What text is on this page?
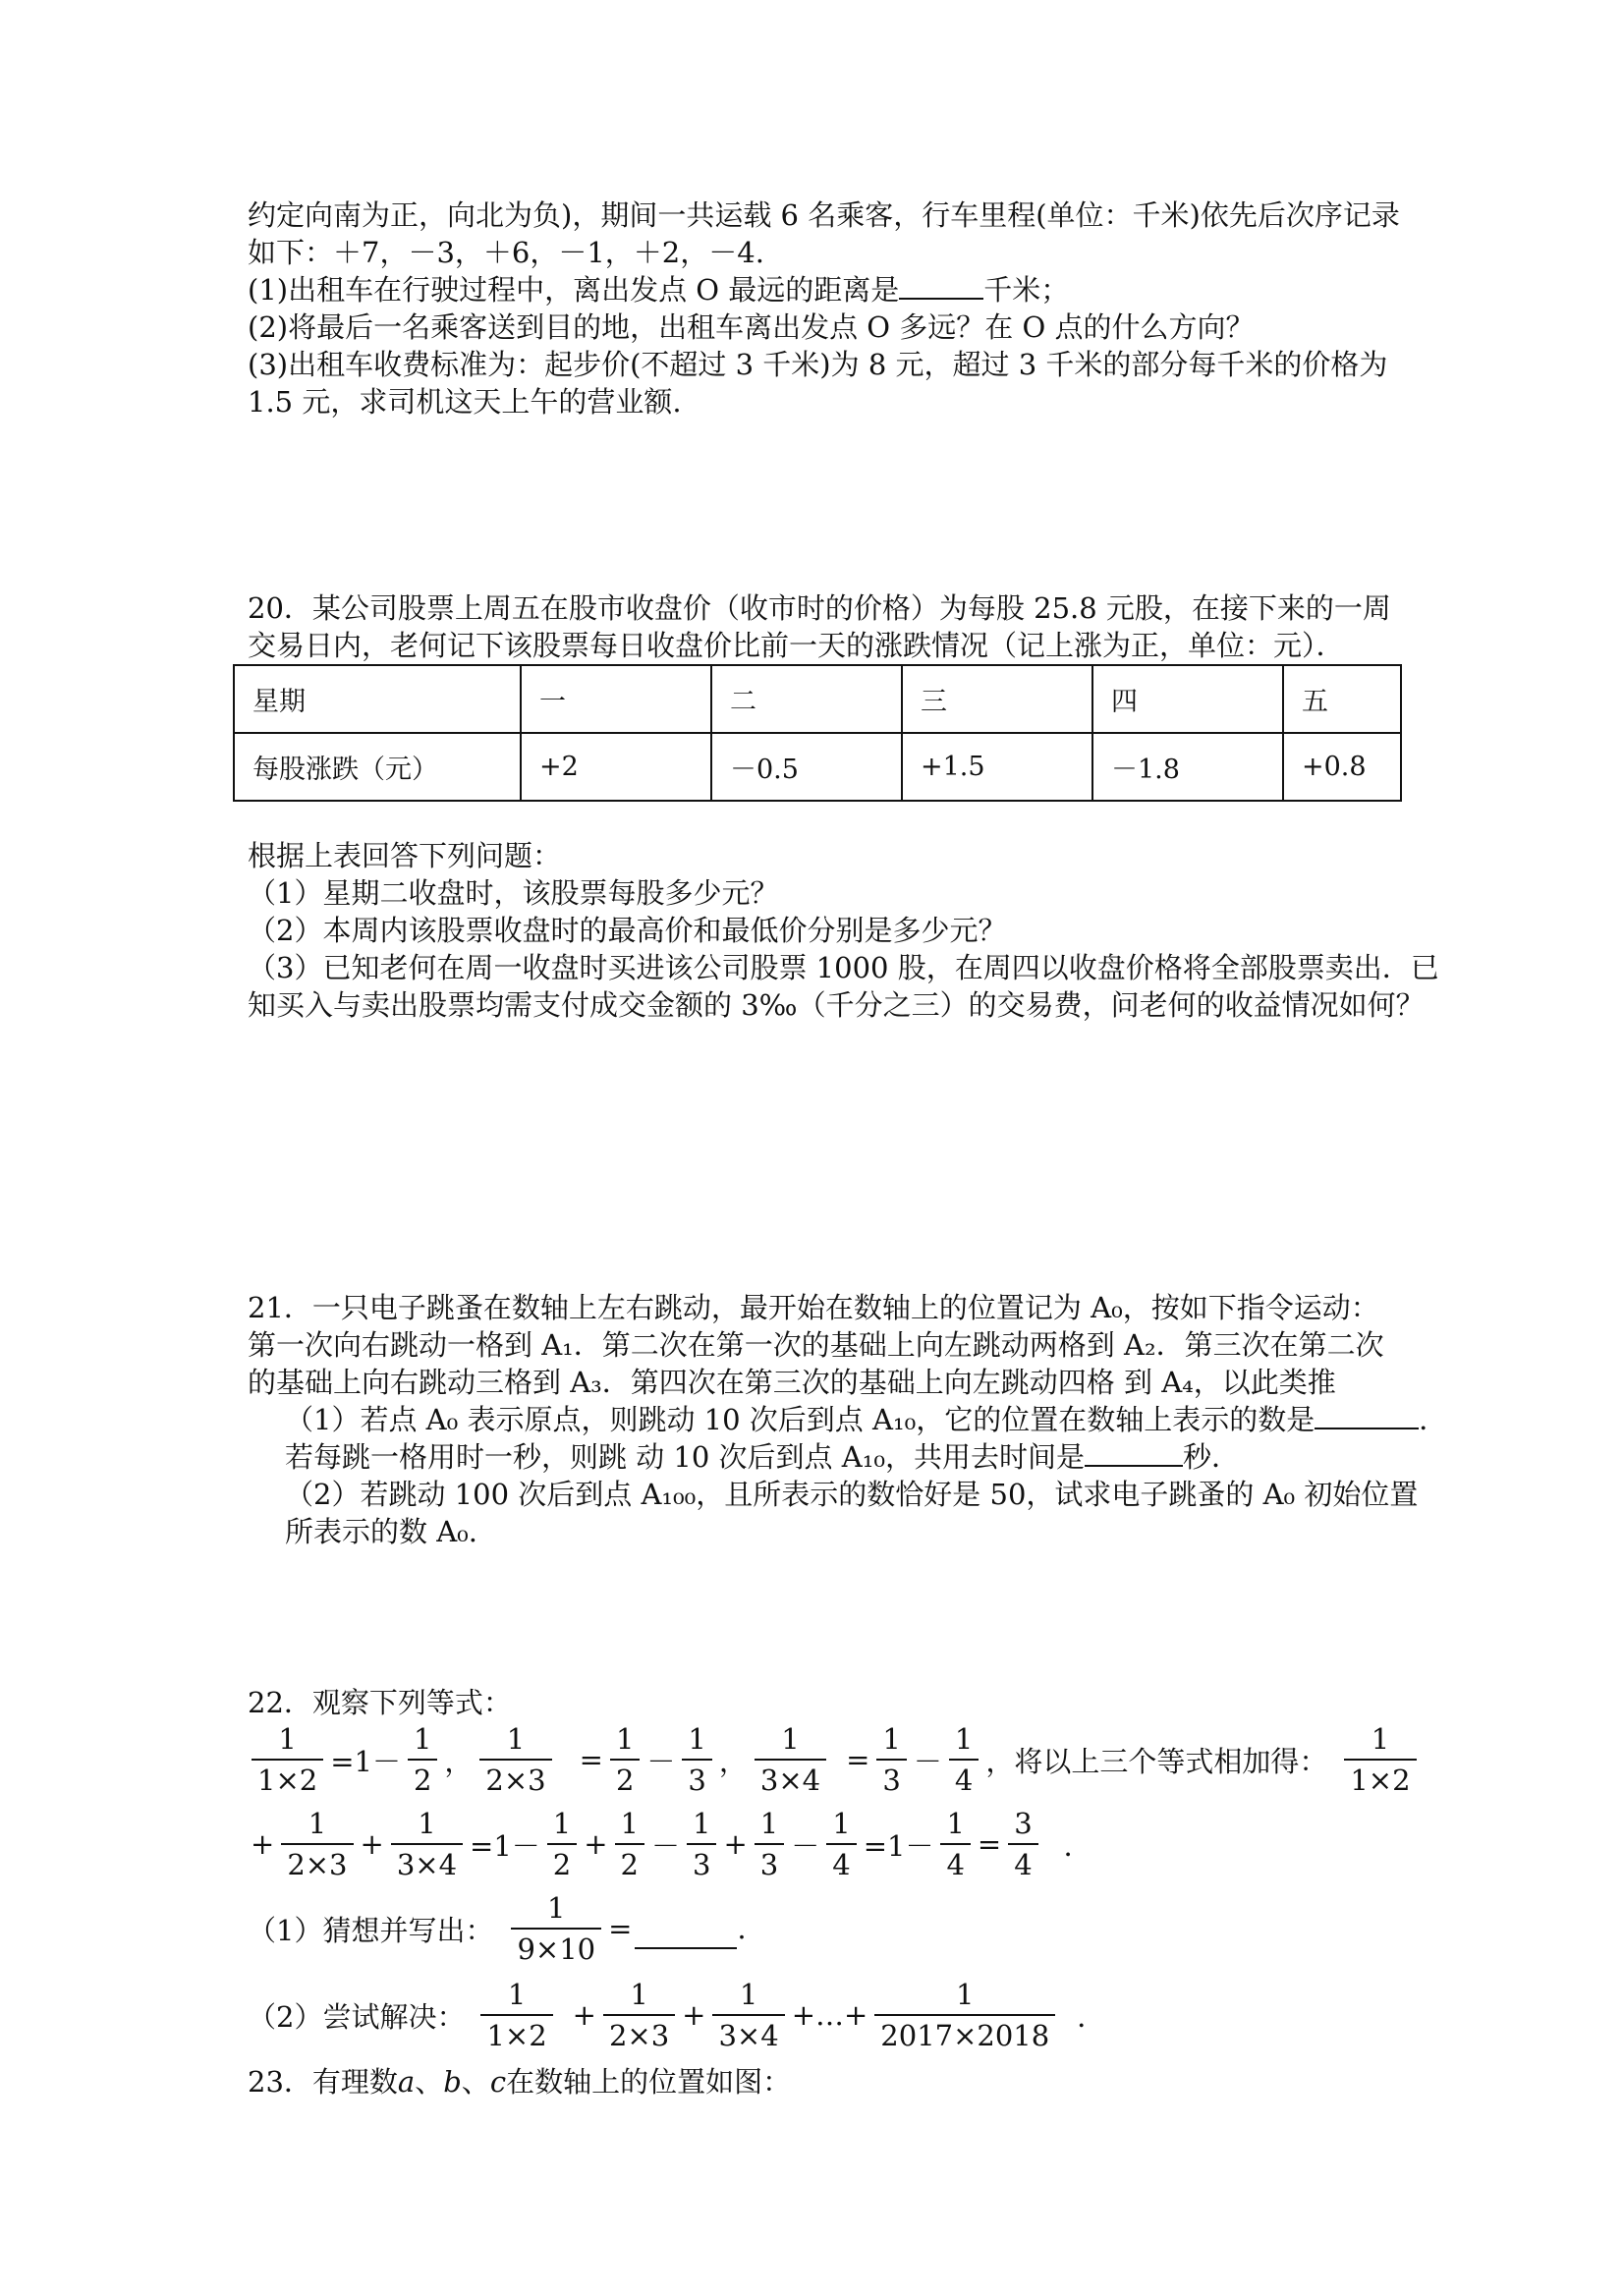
约定向南为正，向北为负)，期间一共运载 6 名乘客，行车里程(单位：千米)依先后次序记录
如下：＋7，－3，＋6，－1，＋2，－4.
(1)出租车在行驶过程中，离出发点 O 最远的距离是	千米；
(2)将最后一名乘客送到目的地，出租车离出发点 O 多远？在 O 点的什么方向？
(3)出租车收费标准为：起步价(不超过 3 千米)为 8 元，超过 3 千米的部分每千米的价格为
1.5 元，求司机这天上午的营业额.
20．某公司股票上周五在股市收盘价（收市时的价格）为每股 25.8 元股，在接下来的一周
交易日内，老何记下该股票每日收盘价比前一天的涨跌情况（记上涨为正，单位：元）．
星期	一	二	三	四	五
每股涨跌（元）	+2	－0.5	+1.5	－1.8	+0.8
根据上表回答下列问题：
（1）星期二收盘时，该股票每股多少元？
（2）本周内该股票收盘时的最高价和最低价分别是多少元？
（3）已知老何在周一收盘时买进该公司股票 1000 股，在周四以收盘价格将全部股票卖出．已
知买入与卖出股票均需支付成交金额的 3‰（千分之三）的交易费，问老何的收益情况如何？
21．一只电子跳蚤在数轴上左右跳动，最开始在数轴上的位置记为 A₀，按如下指令运动：
第一次向右跳动一格到 A₁．第二次在第一次的基础上向左跳动两格到 A₂．第三次在第二次
的基础上向右跳动三格到 A₃．第四次在第三次的基础上向左跳动四格 到 A₄，以此类推
（1）若点 A₀ 表示原点，则跳动 10 次后到点 A₁₀，它的位置在数轴上表示的数是	．
若每跳一格用时一秒，则跳 动 10 次后到点 A₁₀，共用去时间是	秒．
（2）若跳动 100 次后到点 A₁₀₀，且所表示的数恰好是 50，试求电子跳蚤的 A₀ 初始位置
所表示的数 A₀.
22．观察下列等式：
$\frac{1}{1\times 2} =1- \frac{1}{2}$ ， $\frac{1}{2\times 3} = \frac{1}{2} - \frac{1}{3}$ ， $\frac{1}{3\times 4} = \frac{1}{3} - \frac{1}{4}$ ，将以上三个等式相加得： $\frac{1}{1\times 2}$
+ $\frac{1}{2\times 3} + \frac{1}{3\times 4} =1- \frac{1}{2} + \frac{1}{2} - \frac{1}{3} + \frac{1}{3} - \frac{1}{4} =1- \frac{1}{4} = \frac{3}{4}$ ．
（1）猜想并写出： $\frac{1}{9\times 10}$ =	.
（2）尝试解决： $\frac{1}{1\times 2} + \frac{1}{2\times 3} + \frac{1}{3\times 4}$ +…+ $\frac{1}{2017\times 2018}$ ．
23．有理数a、b、c在数轴上的位置如图：
